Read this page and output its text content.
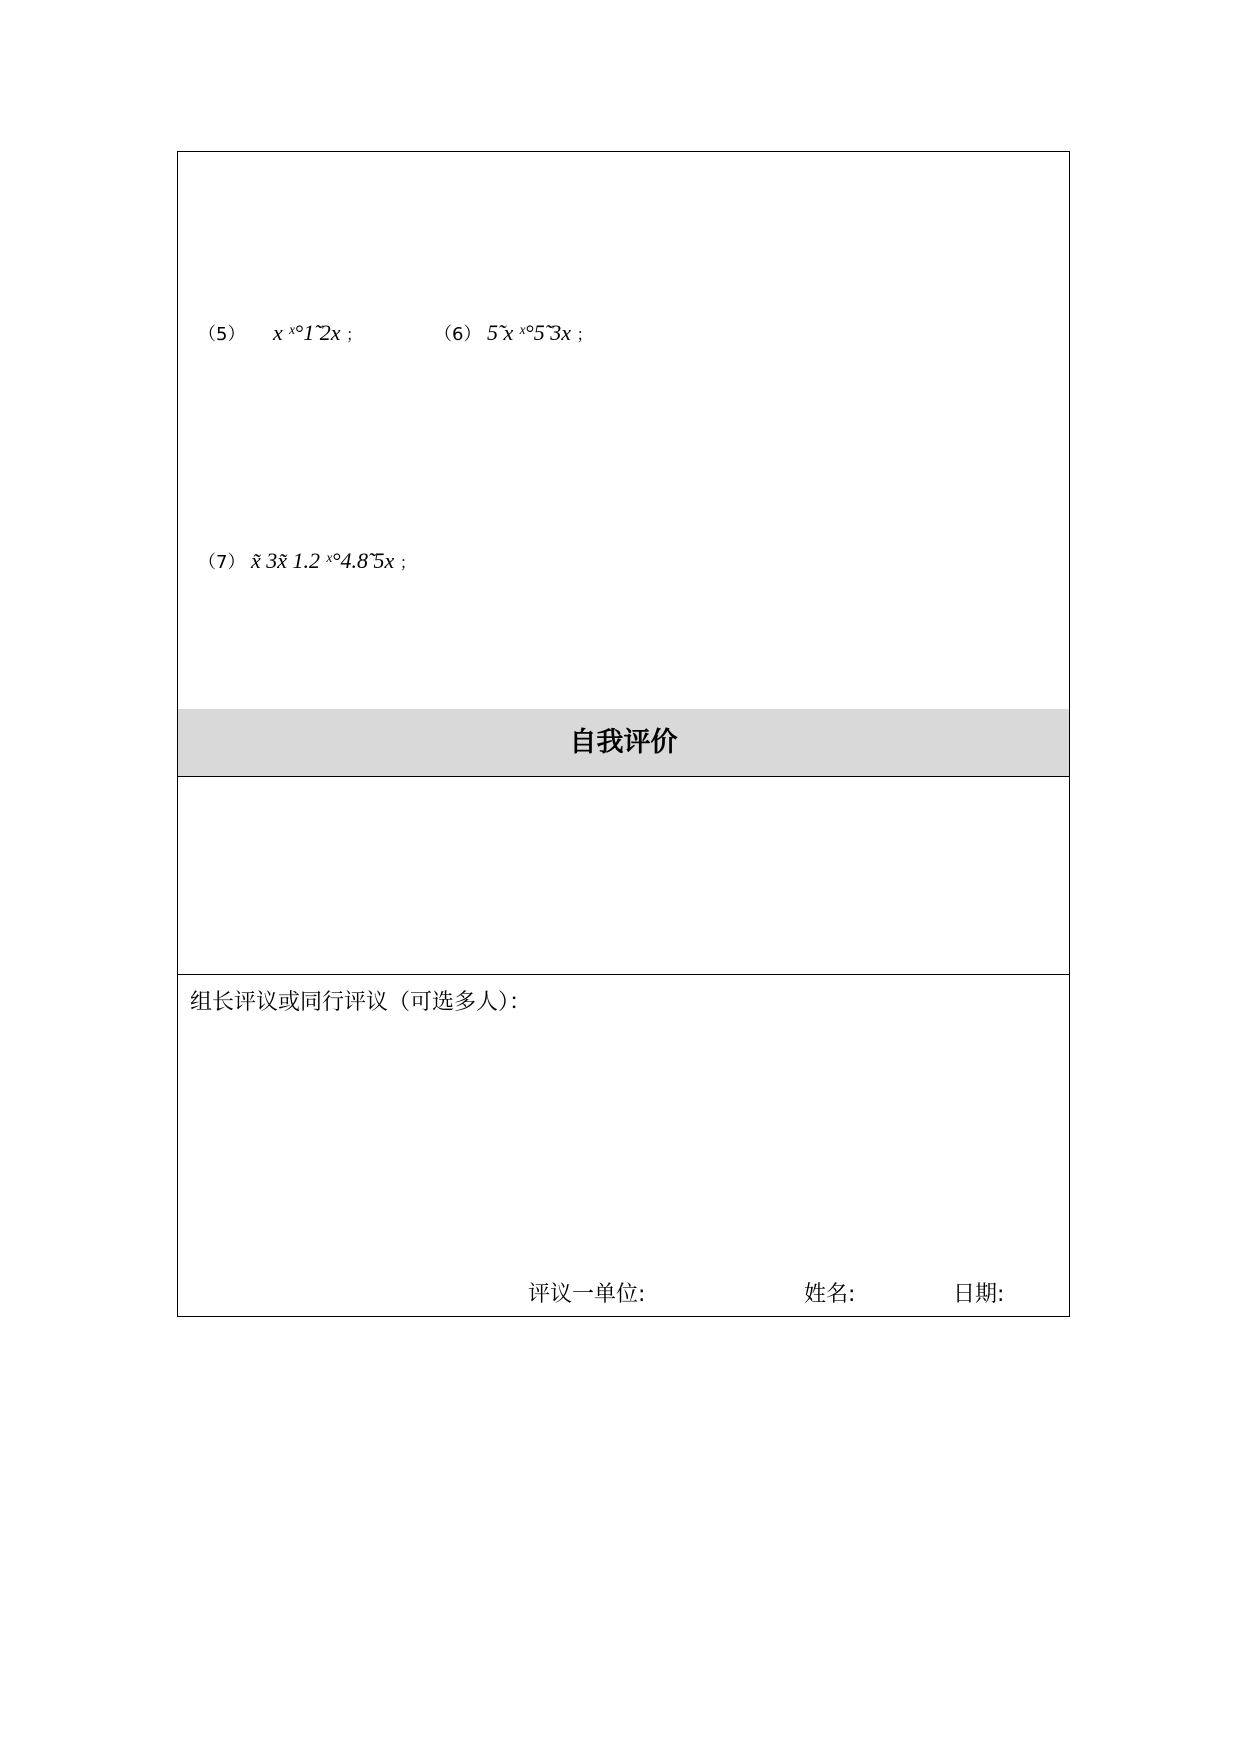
（5） x ˣ°1̃ 2x ；	（6） 5̃ x ˣ°5̃ 3x ；
（7） x̃ 3x̃ 1.2 ˣ°4.8̃ 5x ；
自我评价
组长评议或同行评议（可选多人）：
评议一单位:	姓名:	日期:
